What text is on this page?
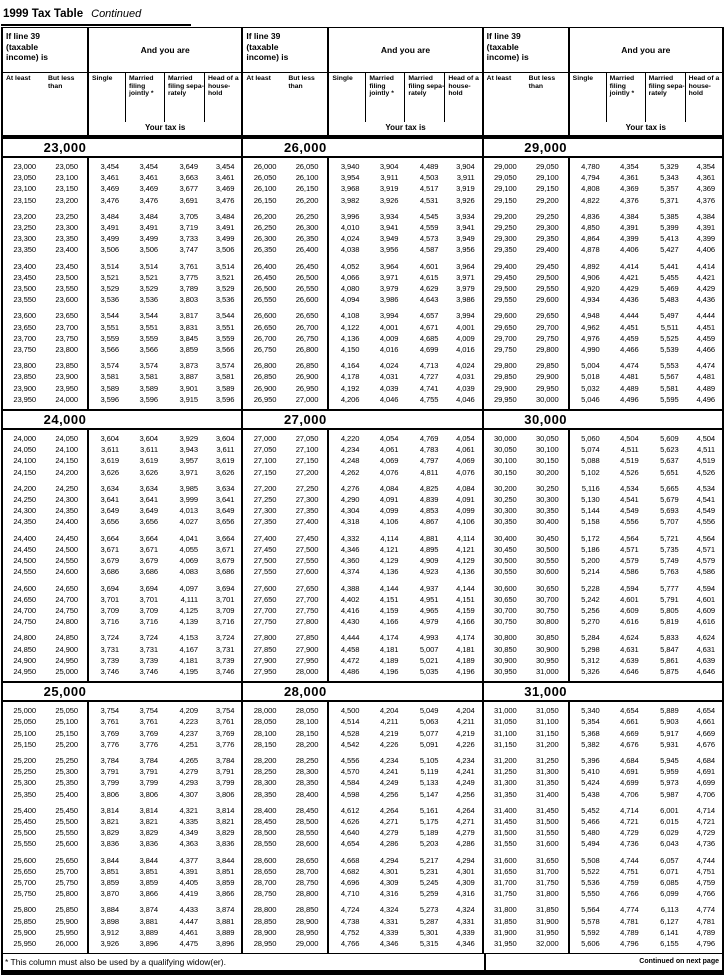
1999 Tax Table Continued
If line 39 (taxable income) is
And you are
At least	But less than
Single	Married filing jointly *
Married filing sepa- rately
Head of a house- hold
Your tax is
23,000
23,000	23,050	3,454	3,454	3,649	3,454
23,050	23,100	3,461	3,461	3,663	3,461
23,100	23,150	3,469	3,469	3,677	3,469
23,150	23,200	3,476	3,476	3,691	3,476
23,200	23,250	3,484	3,484	3,705	3,484
23,250	23,300	3,491	3,491	3,719	3,491
23,300	23,350	3,499	3,499	3,733	3,499
23,350	23,400	3,506	3,506	3,747	3,506
23,400	23,450	3,514	3,514	3,761	3,514
23,450	23,500	3,521	3,521	3,775	3,521
23,500	23,550	3,529	3,529	3,789	3,529
23,550	23,600	3,536	3,536	3,803	3,536
23,600	23,650	3,544	3,544	3,817	3,544
23,650	23,700	3,551	3,551	3,831	3,551
23,700	23,750	3,559	3,559	3,845	3,559
23,750	23,800	3,566	3,566	3,859	3,566
23,800	23,850	3,574	3,574	3,873	3,574
23,850	23,900	3,581	3,581	3,887	3,581
23,900	23,950	3,589	3,589	3,901	3,589
23,950	24,000	3,596	3,596	3,915	3,596
24,000
24,000	24,050	3,604	3,604	3,929	3,604
24,050	24,100	3,611	3,611	3,943	3,611
24,100	24,150	3,619	3,619	3,957	3,619
24,150	24,200	3,626	3,626	3,971	3,626
24,200	24,250	3,634	3,634	3,985	3,634
24,250	24,300	3,641	3,641	3,999	3,641
24,300	24,350	3,649	3,649	4,013	3,649
24,350	24,400	3,656	3,656	4,027	3,656
24,400	24,450	3,664	3,664	4,041	3,664
24,450	24,500	3,671	3,671	4,055	3,671
24,500	24,550	3,679	3,679	4,069	3,679
24,550	24,600	3,686	3,686	4,083	3,686
24,600	24,650	3,694	3,694	4,097	3,694
24,650	24,700	3,701	3,701	4,111	3,701
24,700	24,750	3,709	3,709	4,125	3,709
24,750	24,800	3,716	3,716	4,139	3,716
24,800	24,850	3,724	3,724	4,153	3,724
24,850	24,900	3,731	3,731	4,167	3,731
24,900	24,950	3,739	3,739	4,181	3,739
24,950	25,000	3,746	3,746	4,195	3,746
25,000
25,000	25,050	3,754	3,754	4,209	3,754
25,050	25,100	3,761	3,761	4,223	3,761
25,100	25,150	3,769	3,769	4,237	3,769
25,150	25,200	3,776	3,776	4,251	3,776
25,200	25,250	3,784	3,784	4,265	3,784
25,250	25,300	3,791	3,791	4,279	3,791
25,300	25,350	3,799	3,799	4,293	3,799
25,350	25,400	3,806	3,806	4,307	3,806
25,400	25,450	3,814	3,814	4,321	3,814
25,450	25,500	3,821	3,821	4,335	3,821
25,500	25,550	3,829	3,829	4,349	3,829
25,550	25,600	3,836	3,836	4,363	3,836
25,600	25,650	3,844	3,844	4,377	3,844
25,650	25,700	3,851	3,851	4,391	3,851
25,700	25,750	3,859	3,859	4,405	3,859
25,750	25,800	3,870	3,866	4,419	3,866
25,800	25,850	3,884	3,874	4,433	3,874
25,850	25,900	3,898	3,881	4,447	3,881
25,900	25,950	3,912	3,889	4,461	3,889
25,950	26,000	3,926	3,896	4,475	3,896
If line 39 (taxable income) is
And you are
At least	But less than
Single	Married filing jointly *
Married filing sepa- rately
Head of a house- hold
Your tax is
26,000
26,000	26,050	3,940	3,904	4,489	3,904
26,050	26,100	3,954	3,911	4,503	3,911
26,100	26,150	3,968	3,919	4,517	3,919
26,150	26,200	3,982	3,926	4,531	3,926
26,200	26,250	3,996	3,934	4,545	3,934
26,250	26,300	4,010	3,941	4,559	3,941
26,300	26,350	4,024	3,949	4,573	3,949
26,350	26,400	4,038	3,956	4,587	3,956
26,400	26,450	4,052	3,964	4,601	3,964
26,450	26,500	4,066	3,971	4,615	3,971
26,500	26,550	4,080	3,979	4,629	3,979
26,550	26,600	4,094	3,986	4,643	3,986
26,600	26,650	4,108	3,994	4,657	3,994
26,650	26,700	4,122	4,001	4,671	4,001
26,700	26,750	4,136	4,009	4,685	4,009
26,750	26,800	4,150	4,016	4,699	4,016
26,800	26,850	4,164	4,024	4,713	4,024
26,850	26,900	4,178	4,031	4,727	4,031
26,900	26,950	4,192	4,039	4,741	4,039
26,950	27,000	4,206	4,046	4,755	4,046
27,000
27,000	27,050	4,220	4,054	4,769	4,054
27,050	27,100	4,234	4,061	4,783	4,061
27,100	27,150	4,248	4,069	4,797	4,069
27,150	27,200	4,262	4,076	4,811	4,076
27,200	27,250	4,276	4,084	4,825	4,084
27,250	27,300	4,290	4,091	4,839	4,091
27,300	27,350	4,304	4,099	4,853	4,099
27,350	27,400	4,318	4,106	4,867	4,106
27,400	27,450	4,332	4,114	4,881	4,114
27,450	27,500	4,346	4,121	4,895	4,121
27,500	27,550	4,360	4,129	4,909	4,129
27,550	27,600	4,374	4,136	4,923	4,136
27,600	27,650	4,388	4,144	4,937	4,144
27,650	27,700	4,402	4,151	4,951	4,151
27,700	27,750	4,416	4,159	4,965	4,159
27,750	27,800	4,430	4,166	4,979	4,166
27,800	27,850	4,444	4,174	4,993	4,174
27,850	27,900	4,458	4,181	5,007	4,181
27,900	27,950	4,472	4,189	5,021	4,189
27,950	28,000	4,486	4,196	5,035	4,196
28,000
28,000	28,050	4,500	4,204	5,049	4,204
28,050	28,100	4,514	4,211	5,063	4,211
28,100	28,150	4,528	4,219	5,077	4,219
28,150	28,200	4,542	4,226	5,091	4,226
28,200	28,250	4,556	4,234	5,105	4,234
28,250	28,300	4,570	4,241	5,119	4,241
28,300	28,350	4,584	4,249	5,133	4,249
28,350	28,400	4,598	4,256	5,147	4,256
28,400	28,450	4,612	4,264	5,161	4,264
28,450	28,500	4,626	4,271	5,175	4,271
28,500	28,550	4,640	4,279	5,189	4,279
28,550	28,600	4,654	4,286	5,203	4,286
28,600	28,650	4,668	4,294	5,217	4,294
28,650	28,700	4,682	4,301	5,231	4,301
28,700	28,750	4,696	4,309	5,245	4,309
28,750	28,800	4,710	4,316	5,259	4,316
28,800	28,850	4,724	4,324	5,273	4,324
28,850	28,900	4,738	4,331	5,287	4,331
28,900	28,950	4,752	4,339	5,301	4,339
28,950	29,000	4,766	4,346	5,315	4,346
If line 39 (taxable income) is
And you are
At least	But less than
Single	Married filing jointly *
Married filing sepa- rately
Head of a house- hold
Your tax is
29,000
29,000	29,050	4,780	4,354	5,329	4,354
29,050	29,100	4,794	4,361	5,343	4,361
29,100	29,150	4,808	4,369	5,357	4,369
29,150	29,200	4,822	4,376	5,371	4,376
29,200	29,250	4,836	4,384	5,385	4,384
29,250	29,300	4,850	4,391	5,399	4,391
29,300	29,350	4,864	4,399	5,413	4,399
29,350	29,400	4,878	4,406	5,427	4,406
29,400	29,450	4,892	4,414	5,441	4,414
29,450	29,500	4,906	4,421	5,455	4,421
29,500	29,550	4,920	4,429	5,469	4,429
29,550	29,600	4,934	4,436	5,483	4,436
29,600	29,650	4,948	4,444	5,497	4,444
29,650	29,700	4,962	4,451	5,511	4,451
29,700	29,750	4,976	4,459	5,525	4,459
29,750	29,800	4,990	4,466	5,539	4,466
29,800	29,850	5,004	4,474	5,553	4,474
29,850	29,900	5,018	4,481	5,567	4,481
29,900	29,950	5,032	4,489	5,581	4,489
29,950	30,000	5,046	4,496	5,595	4,496
30,000
30,000	30,050	5,060	4,504	5,609	4,504
30,050	30,100	5,074	4,511	5,623	4,511
30,100	30,150	5,088	4,519	5,637	4,519
30,150	30,200	5,102	4,526	5,651	4,526
30,200	30,250	5,116	4,534	5,665	4,534
30,250	30,300	5,130	4,541	5,679	4,541
30,300	30,350	5,144	4,549	5,693	4,549
30,350	30,400	5,158	4,556	5,707	4,556
30,400	30,450	5,172	4,564	5,721	4,564
30,450	30,500	5,186	4,571	5,735	4,571
30,500	30,550	5,200	4,579	5,749	4,579
30,550	30,600	5,214	4,586	5,763	4,586
30,600	30,650	5,228	4,594	5,777	4,594
30,650	30,700	5,242	4,601	5,791	4,601
30,700	30,750	5,256	4,609	5,805	4,609
30,750	30,800	5,270	4,616	5,819	4,616
30,800	30,850	5,284	4,624	5,833	4,624
30,850	30,900	5,298	4,631	5,847	4,631
30,900	30,950	5,312	4,639	5,861	4,639
30,950	31,000	5,326	4,646	5,875	4,646
31,000
31,000	31,050	5,340	4,654	5,889	4,654
31,050	31,100	5,354	4,661	5,903	4,661
31,100	31,150	5,368	4,669	5,917	4,669
31,150	31,200	5,382	4,676	5,931	4,676
31,200	31,250	5,396	4,684	5,945	4,684
31,250	31,300	5,410	4,691	5,959	4,691
31,300	31,350	5,424	4,699	5,973	4,699
31,350	31,400	5,438	4,706	5,987	4,706
31,400	31,450	5,452	4,714	6,001	4,714
31,450	31,500	5,466	4,721	6,015	4,721
31,500	31,550	5,480	4,729	6,029	4,729
31,550	31,600	5,494	4,736	6,043	4,736
31,600	31,650	5,508	4,744	6,057	4,744
31,650	31,700	5,522	4,751	6,071	4,751
31,700	31,750	5,536	4,759	6,085	4,759
31,750	31,800	5,550	4,766	6,099	4,766
31,800	31,850	5,564	4,774	6,113	4,774
31,850	31,900	5,578	4,781	6,127	4,781
31,900	31,950	5,592	4,789	6,141	4,789
31,950	32,000	5,606	4,796	6,155	4,796
* This column must also be used by a qualifying widow(er).	Continued on next page
